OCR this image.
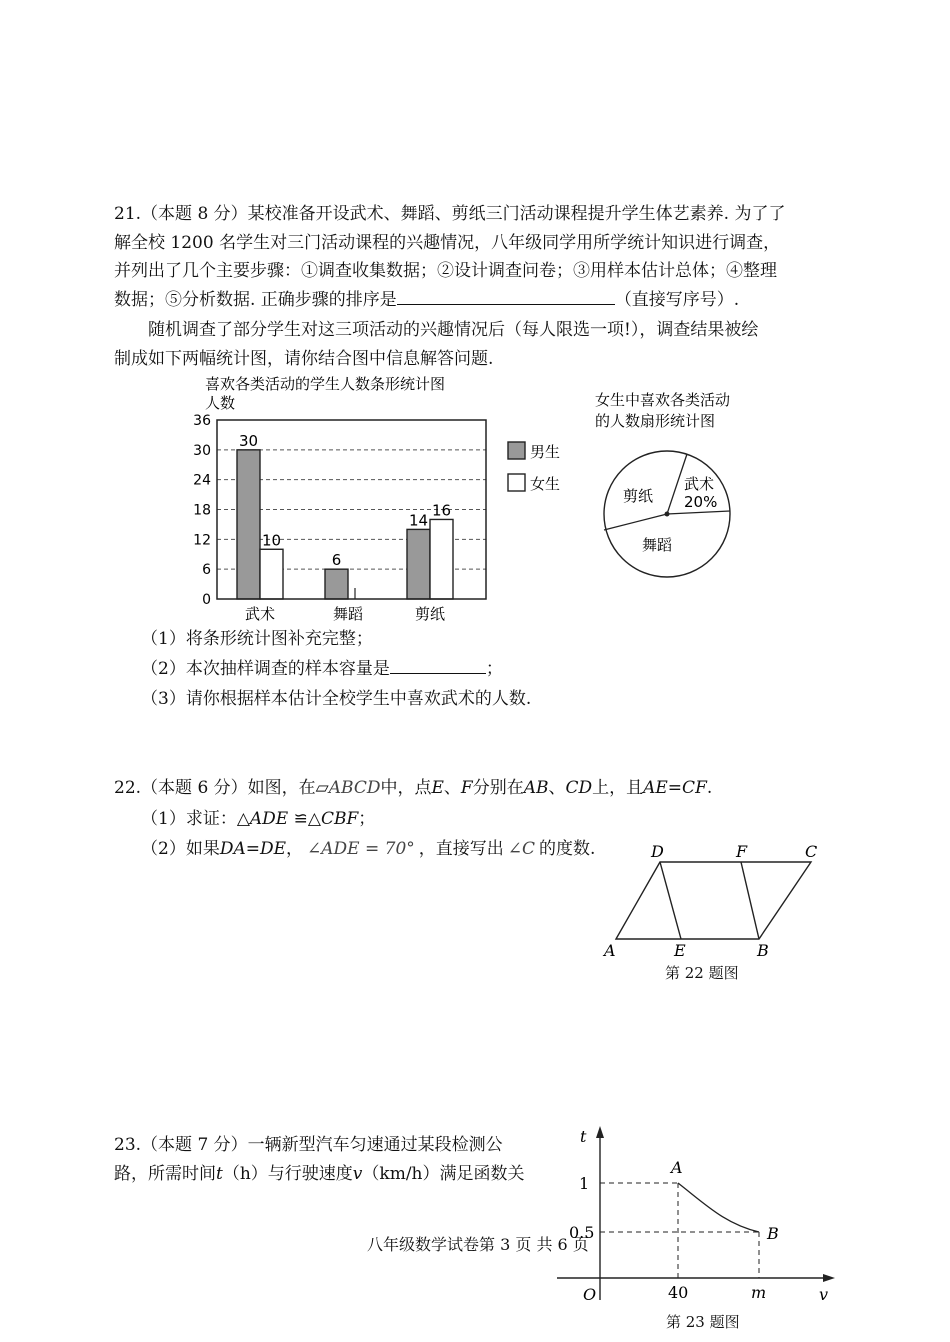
21.（本题 8 分）某校准备开设武术、舞蹈、剪纸三门活动课程提升学生体艺素养. 为了了
解全校 1200 名学生对三门活动课程的兴趣情况，八年级同学用所学统计知识进行调查，
并列出了几个主要步骤：①调查收集数据；②设计调查问卷；③用样本估计总体；④整理
数据；⑤分析数据. 正确步骤的排序是	（直接写序号）.
随机调查了部分学生对这三项活动的兴趣情况后（每人限选一项!），调查结果被绘
制成如下两幅统计图，请你结合图中信息解答问题.
喜欢各类活动的学生人数条形统计图
人数
0
6
12
18
24
30
36
30
10
6
14
16
武术	舞蹈	剪纸
男生
女生
女生中喜欢各类活动
的人数扇形统计图
武术
20%
剪纸
舞蹈
（1）将条形统计图补充完整；
（2）本次抽样调查的样本容量是	；
（3）请你根据样本估计全校学生中喜欢武术的人数.
22.（本题 6 分）如图，在▱ABCD中，点E、F分别在AB、CD上，且AE=CF.
（1）求证：△ADE ≌△CBF；
（2）如果DA=DE， ∠ADE = 70° ，直接写出 ∠C 的度数.	D	F	C
A	E	B
第 22 题图
23.（本题 7 分）一辆新型汽车匀速通过某段检测公
路，所需时间t（h）与行驶速度v（km/h）满足函数关
t
v
O
1
0.5
40	m
A
B
第 23 题图
八年级数学试卷第 3 页 共 6 页
